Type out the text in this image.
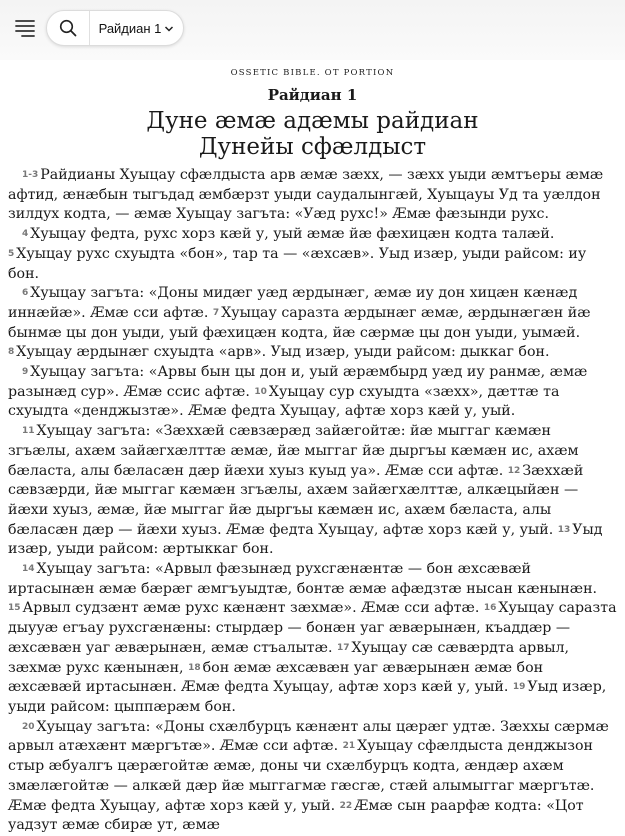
Райдиан 1
OSSETIC BIBLE. OT PORTION
Райдиан 1
Дуне æмæ адæмы райдиан
Дунейы сфæлдыст

1-3 Райдианы Хуыцау сфæлдыста арв æмæ зæхх, — зæхх уыди æмтъеры æмæ афтид, æнæбын тыгъдад æмбæрзт уыди саудалынгæй, Хуыцауы Уд та уæлдон зилдух кодта, — æмæ Хуыцау загъта: «Уæд рухс!» Æмæ фæзынди рухс.

4 Хуыцау федта, рухс хорз кæй у, уый æмæ йæ фæхицæн кодта талæй. 5 Хуыцау рухс схуыдта «бон», тар та — «æхсæв». Уыд изæр, уыди райсом: иу бон.

6 Хуыцау загъта: «Доны мидæг уæд æрдынæг, æмæ иу дон хицæн кæнæд иннæйæ». Æмæ сси афтæ. 7 Хуыцау саразта æрдынæг æмæ, æрдынæгæн йæ бынмæ цы дон уыди, уый фæхицæн кодта, йæ сæрмæ цы дон уыди, уымæй. 8 Хуыцау æрдынæг схуыдта «арв». Уыд изæр, уыди райсом: дыккаг бон.

9 Хуыцау загъта: «Арвы бын цы дон и, уый æрæмбырд уæд иу ранмæ, æмæ разынæд сур». Æмæ ссис афтæ. 10 Хуыцау сур схуыдта «зæхх», дæттæ та схуыдта «денджызтæ». Æмæ федта Хуыцау, афтæ хорз кæй у, уый.

11 Хуыцау загъта: «Зæххæй сæвзæрæд зайæгойтæ: йæ мыггаг кæмæн згъæлы, ахæм зайæгхæлттæ æмæ, йæ мыггаг йæ дыргъы кæмæн ис, ахæм бæласта, алы бæласæн дæр йæхи хуыз куыд уа». Æмæ сси афтæ. 12 Зæххæй сæвзæрди, йæ мыггаг кæмæн згъæлы, ахæм зайæгхæлттæ, алкæцыйæн — йæхи хуыз, æмæ, йæ мыггаг йæ дыргъы кæмæн ис, ахæм бæласта, алы бæласæн дæр — йæхи хуыз. Æмæ федта Хуыцау, афтæ хорз кæй у, уый. 13 Уыд изæр, уыди райсом: æртыккаг бон.

14 Хуыцау загъта: «Арвыл фæзынæд рухсгæнæнтæ — бон æхсæвæй иртасынæн æмæ бæрæг æмгъуыдтæ, бонтæ æмæ афæдзтæ нысан кæнынæн. 15 Арвыл судзæнт æмæ рухс кæнæнт зæхмæ». Æмæ сси афтæ. 16 Хуыцау саразта дыууæ егъау рухсгæнæны: стырдæр — бонæн уаг æвæрынæн, къаддæр — æхсæвæн уаг æвæрынæн, æмæ стъалытæ. 17 Хуыцау сæ сæвæрдта арвыл, зæхмæ рухс кæнынæн, 18 бон æмæ æхсæвæн уаг æвæрынæн æмæ бон æхсæвæй иртасынæн. Æмæ федта Хуыцау, афтæ хорз кæй у, уый. 19 Уыд изæр, уыди райсом: цыппæрæм бон.

20 Хуыцау загъта: «Доны схæлбурцъ кæнæнт алы цæрæг удтæ. Зæххы сæрмæ арвыл атæхæнт мæргътæ». Æмæ сси афтæ. 21 Хуыцау сфæлдыста денджызон стыр æбуалгъ цæрæгойтæ æмæ, доны чи схæлбурцъ кодта, æндæр ахæм змæлæгойтæ — алкæй дæр йæ мыггагмæ гæсгæ, стæй алымыггаг мæргътæ. Æмæ федта Хуыцау, афтæ хорз кæй у, уый. 22 Æмæ сын раарфæ кодта: «Цот уадзут æмæ сбирæ ут, æмæ
